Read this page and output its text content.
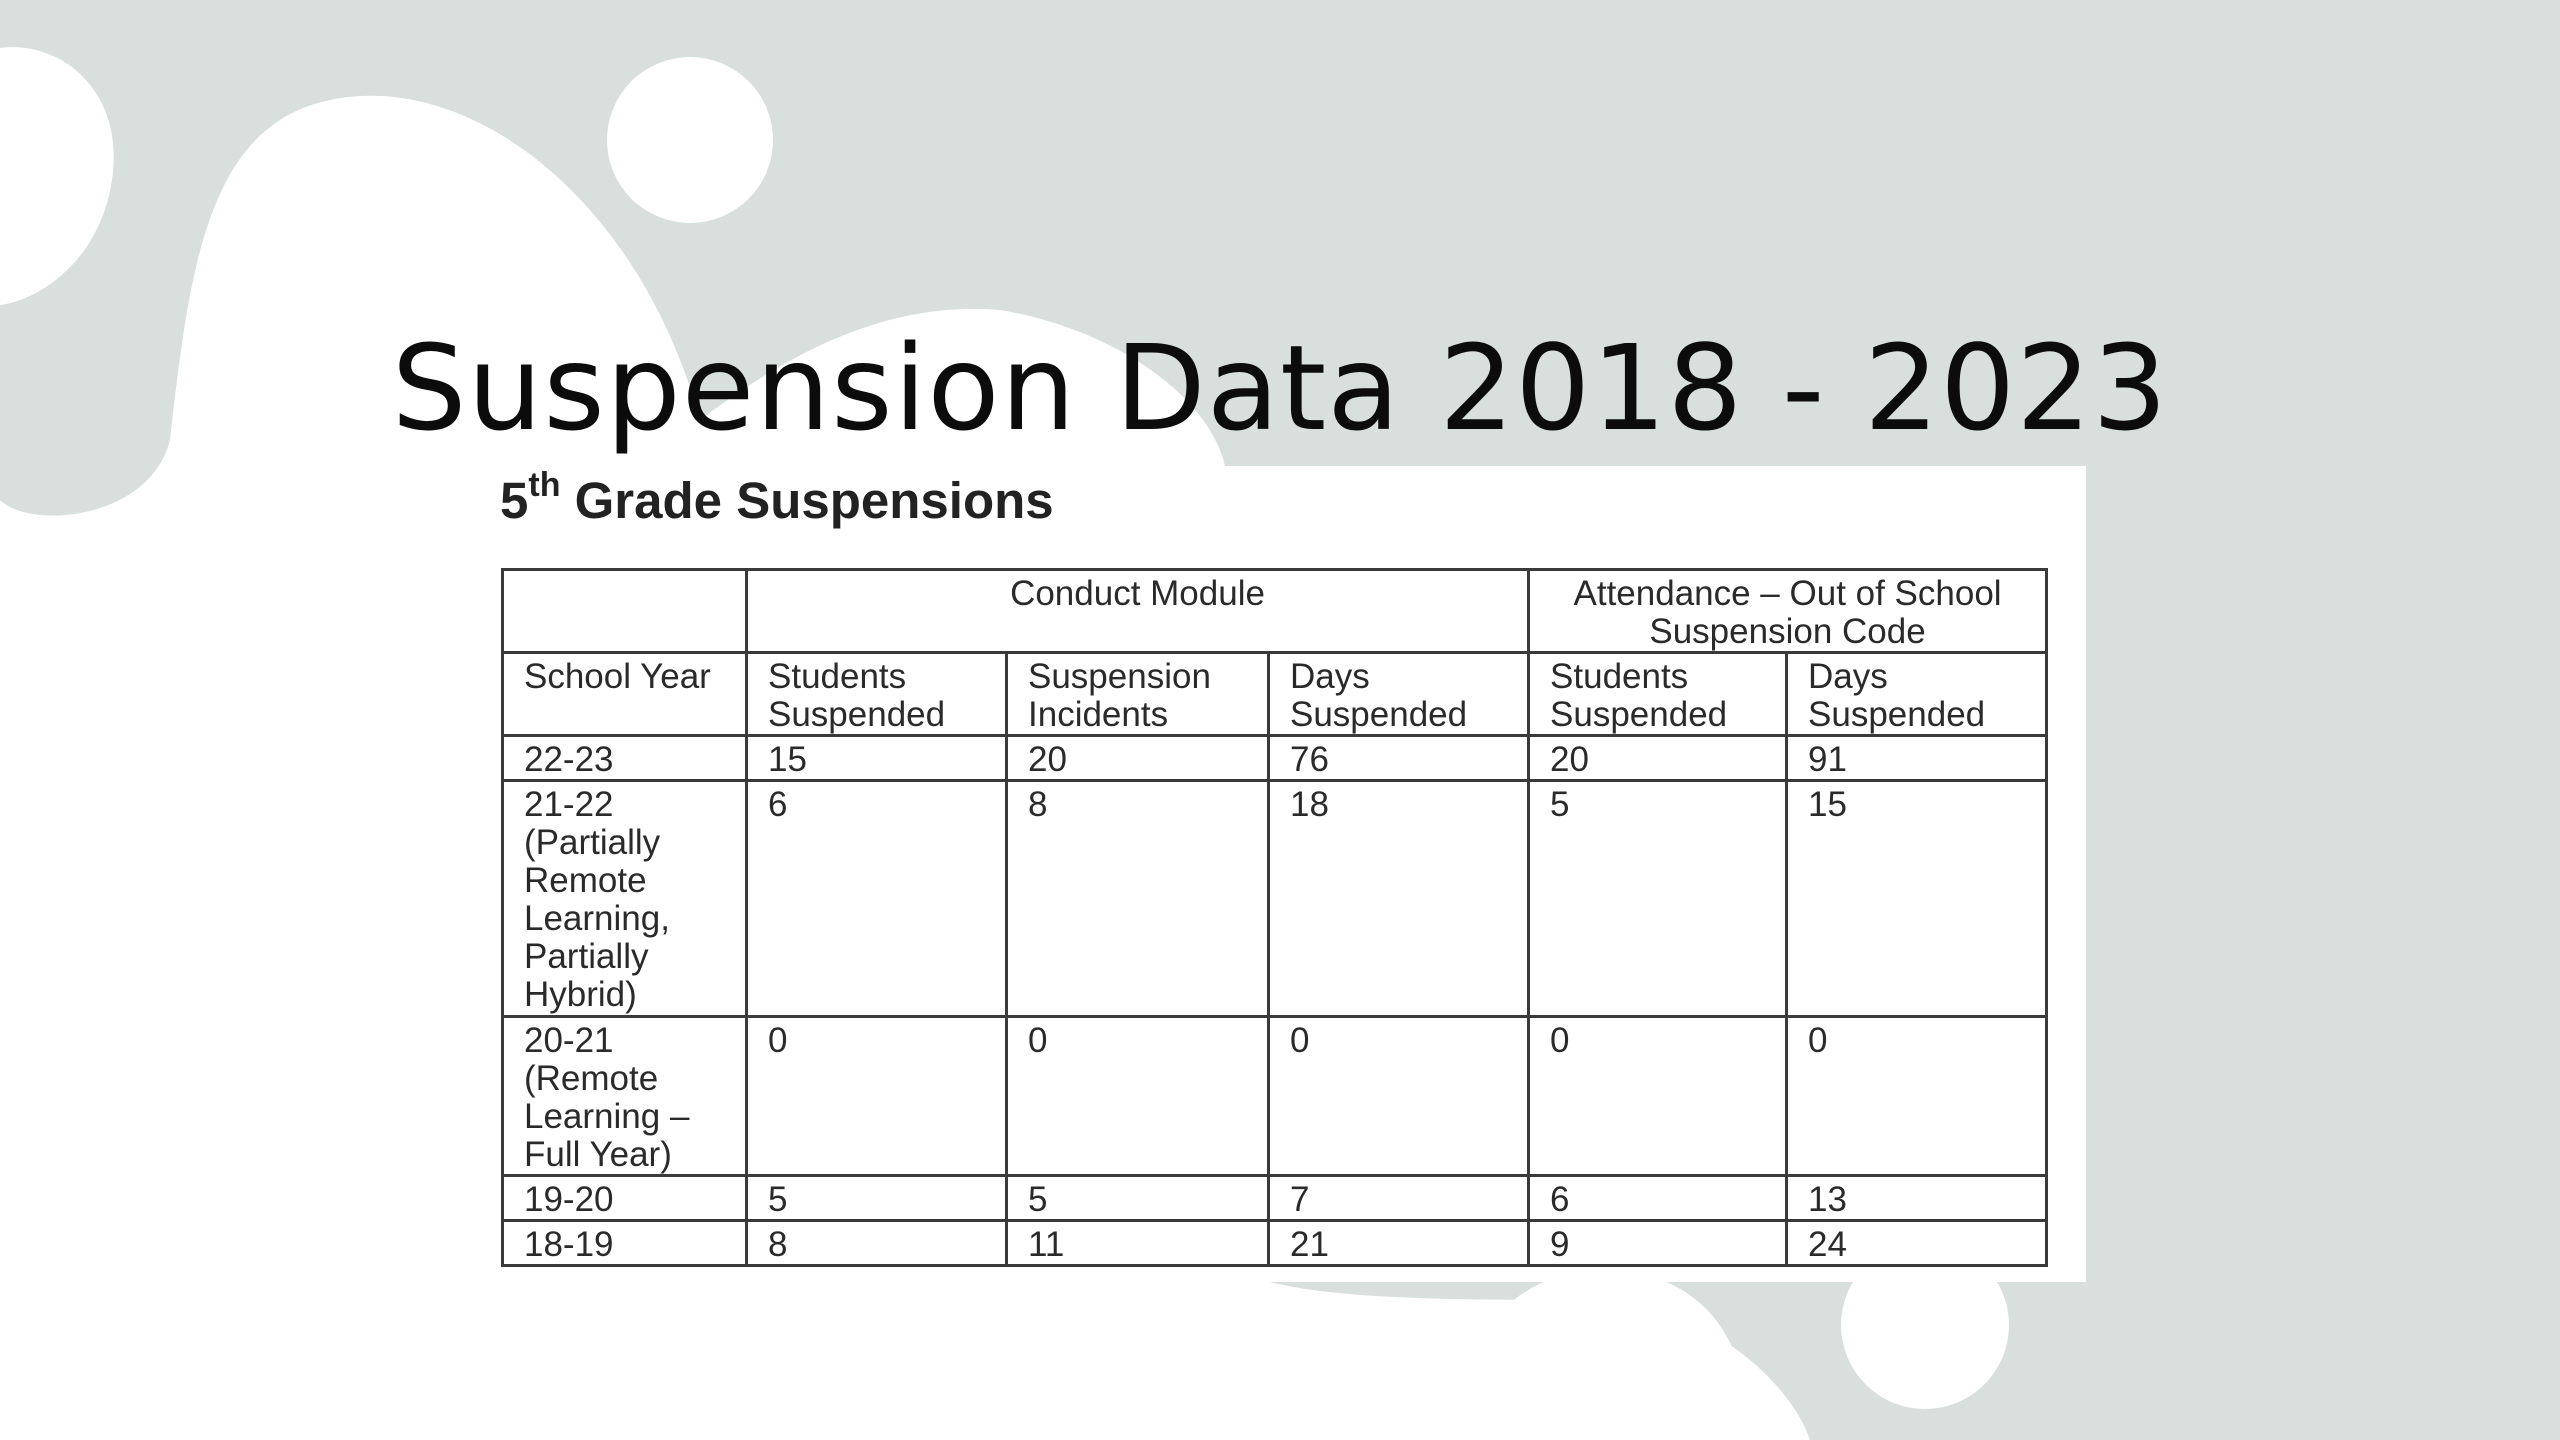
Suspension Data 2018 - 2023
5th Grade Suspensions
	Conduct Module			Attendance – Out of School Suspension Code	
School Year	Students Suspended	Suspension Incidents	Days Suspended	Students Suspended	Days Suspended
22-23	15	20	76	20	91
21-22 (Partially Remote Learning, Partially Hybrid)	6	8	18	5	15
20-21 (Remote Learning – Full Year)	0	0	0	0	0
19-20	5	5	7	6	13
18-19	8	11	21	9	24
